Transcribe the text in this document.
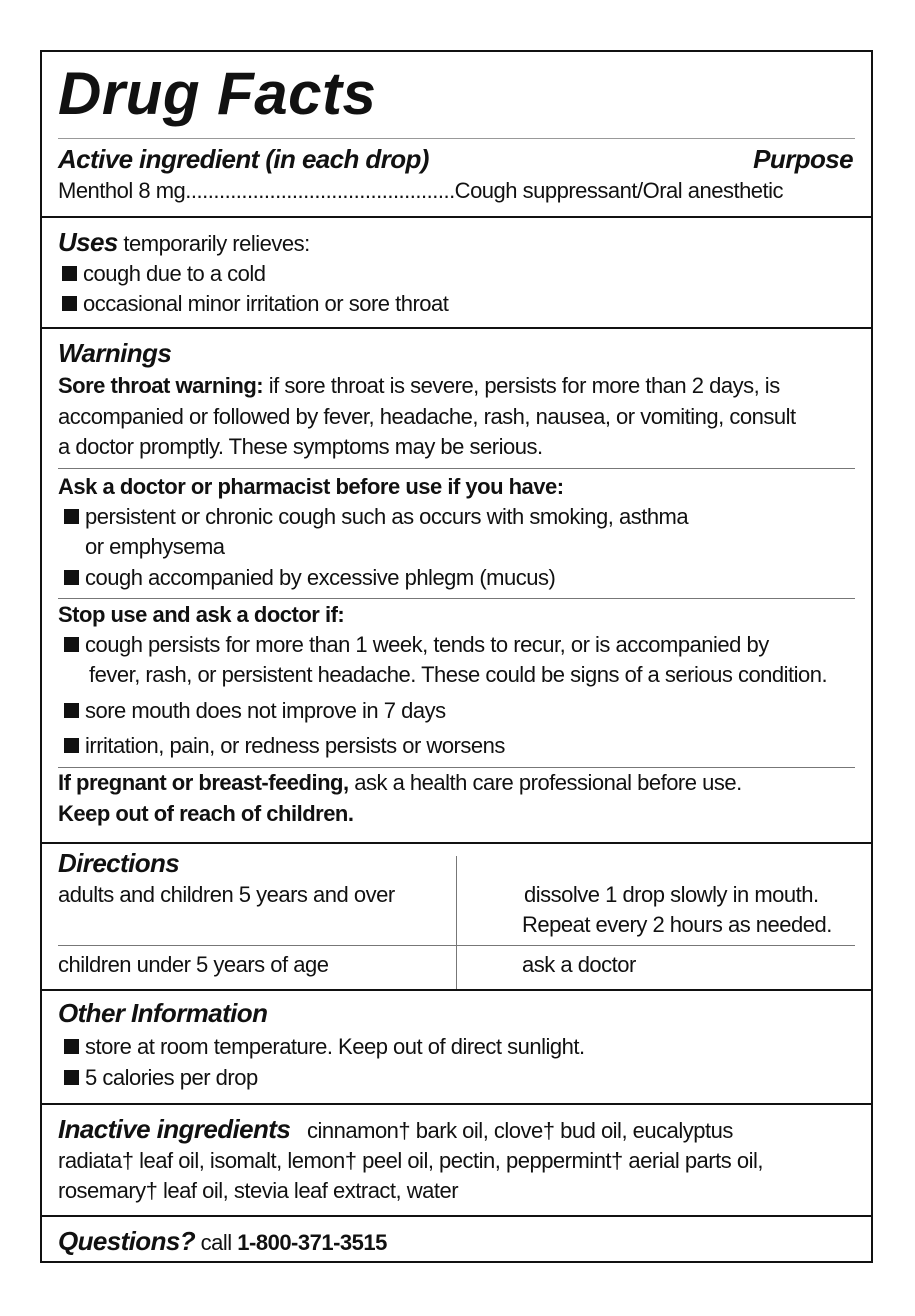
Drug Facts
Active ingredient (in each drop)	Purpose
Menthol 8 mg................................................Cough suppressant/Oral anesthetic
Uses temporarily relieves:
cough due to a cold
occasional minor irritation or sore throat
Warnings
Sore throat warning: if sore throat is severe, persists for more than 2 days, is
accompanied or followed by fever, headache, rash, nausea, or vomiting, consult
a doctor promptly. These symptoms may be serious.
Ask a doctor or pharmacist before use if you have:
persistent or chronic cough such as occurs with smoking, asthma
or emphysema
cough accompanied by excessive phlegm (mucus)
Stop use and ask a doctor if:
cough persists for more than 1 week, tends to recur, or is accompanied by
fever, rash, or persistent headache. These could be signs of a serious condition.
sore mouth does not improve in 7 days
irritation, pain, or redness persists or worsens
If pregnant or breast-feeding, ask a health care professional before use.
Keep out of reach of children.
Directions
adults and children 5 years and over	dissolve 1 drop slowly in mouth.
Repeat every 2 hours as needed.
children under 5 years of age	ask a doctor
Other Information
store at room temperature. Keep out of direct sunlight.
5 calories per drop
Inactive ingredients cinnamon† bark oil, clove† bud oil, eucalyptus
radiata† leaf oil, isomalt, lemon† peel oil, pectin, peppermint† aerial parts oil,
rosemary† leaf oil, stevia leaf extract, water
Questions? call 1-800-371-3515
